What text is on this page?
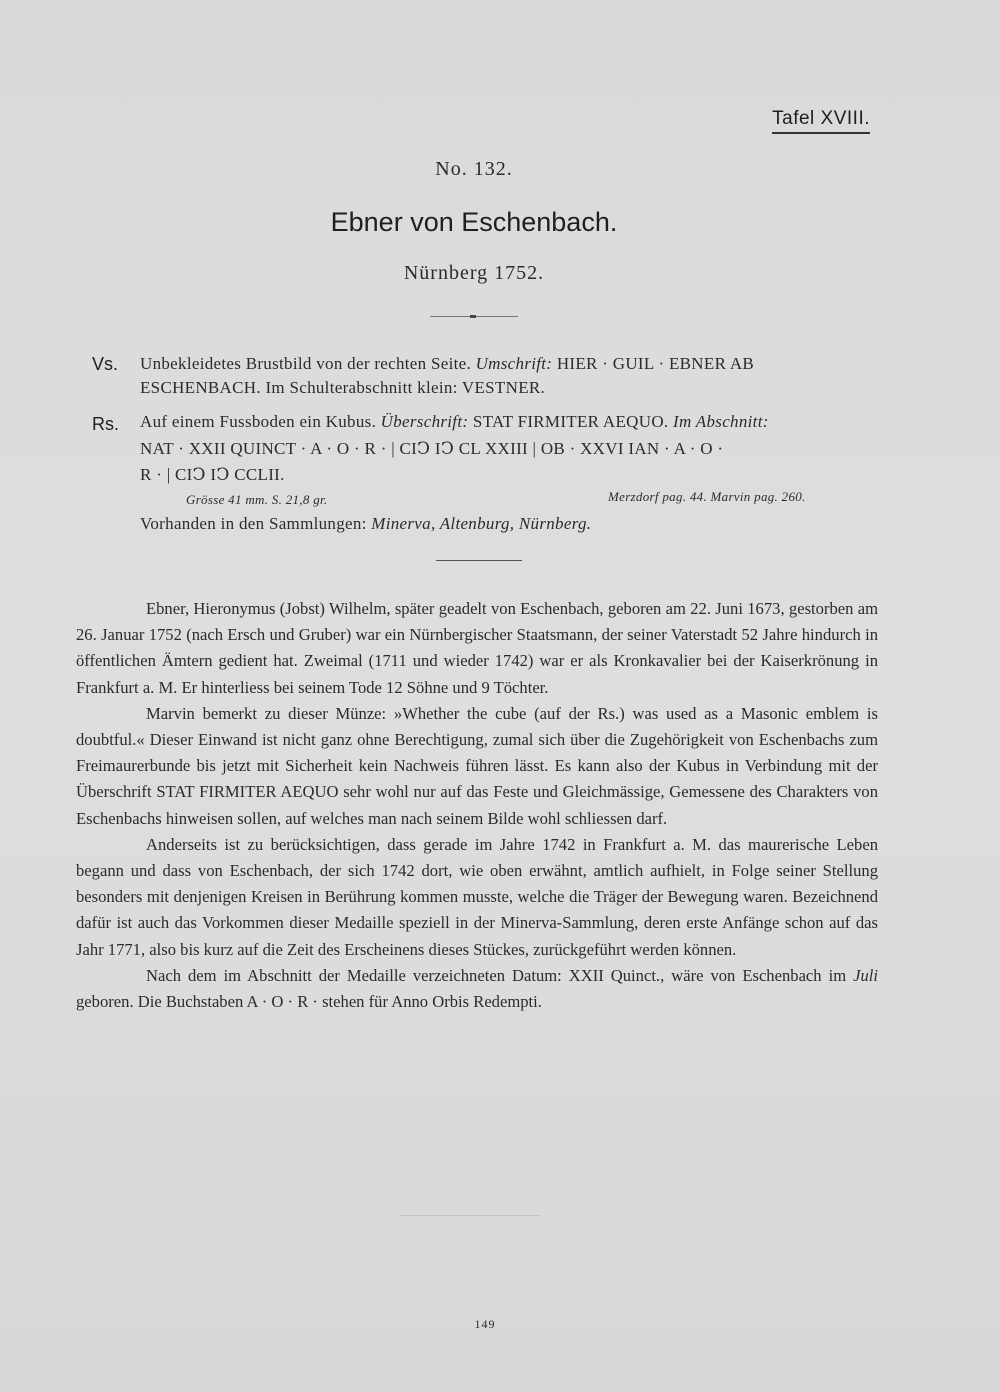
Tafel XVIII.
No. 132.
Ebner von Eschenbach.
Nürnberg 1752.
Vs. Unbekleidetes Brustbild von der rechten Seite. Umschrift: HIER · GUIL · EBNER AB
ESCHENBACH. Im Schulterabschnitt klein: VESTNER.
Rs. Auf einem Fussboden ein Kubus. Überschrift: STAT FIRMITER AEQUO. Im Abschnitt:
NAT · XXII QUINCT · A · O · R · | CIↃ IↃ CL XXIII | OB · XXVI IAN · A · O ·
R · | CIↃ IↃ CCLII.
Grösse 41 mm. S. 21,8 gr.	Merzdorf pag. 44. Marvin pag. 260.
Vorhanden in den Sammlungen: Minerva, Altenburg, Nürnberg.

Ebner, Hieronymus (Jobst) Wilhelm, später geadelt von Eschenbach, geboren am 22. Juni 1673, gestorben am 26. Januar 1752 (nach Ersch und Gruber) war ein Nürnbergischer Staatsmann, der seiner Vaterstadt 52 Jahre hindurch in öffentlichen Ämtern gedient hat. Zweimal (1711 und wieder 1742) war er als Kronkavalier bei der Kaiserkrönung in Frankfurt a. M. Er hinterliess bei seinem Tode 12 Söhne und 9 Töchter.

Marvin bemerkt zu dieser Münze: »Whether the cube (auf der Rs.) was used as a Masonic emblem is doubtful.« Dieser Einwand ist nicht ganz ohne Berechtigung, zumal sich über die Zugehörigkeit von Eschenbachs zum Freimaurerbunde bis jetzt mit Sicherheit kein Nachweis führen lässt. Es kann also der Kubus in Verbindung mit der Überschrift STAT FIRMITER AEQUO sehr wohl nur auf das Feste und Gleichmässige, Gemessene des Charakters von Eschenbachs hinweisen sollen, auf welches man nach seinem Bilde wohl schliessen darf.

Anderseits ist zu berücksichtigen, dass gerade im Jahre 1742 in Frankfurt a. M. das maurerische Leben begann und dass von Eschenbach, der sich 1742 dort, wie oben erwähnt, amtlich aufhielt, in Folge seiner Stellung besonders mit denjenigen Kreisen in Berührung kommen musste, welche die Träger der Bewegung waren. Bezeichnend dafür ist auch das Vorkommen dieser Medaille speziell in der Minerva-Sammlung, deren erste Anfänge schon auf das Jahr 1771, also bis kurz auf die Zeit des Erscheinens dieses Stückes, zurückgeführt werden können.

Nach dem im Abschnitt der Medaille verzeichneten Datum: XXII Quinct., wäre von Eschenbach im Juli geboren. Die Buchstaben A · O · R · stehen für Anno Orbis Redempti.

149
